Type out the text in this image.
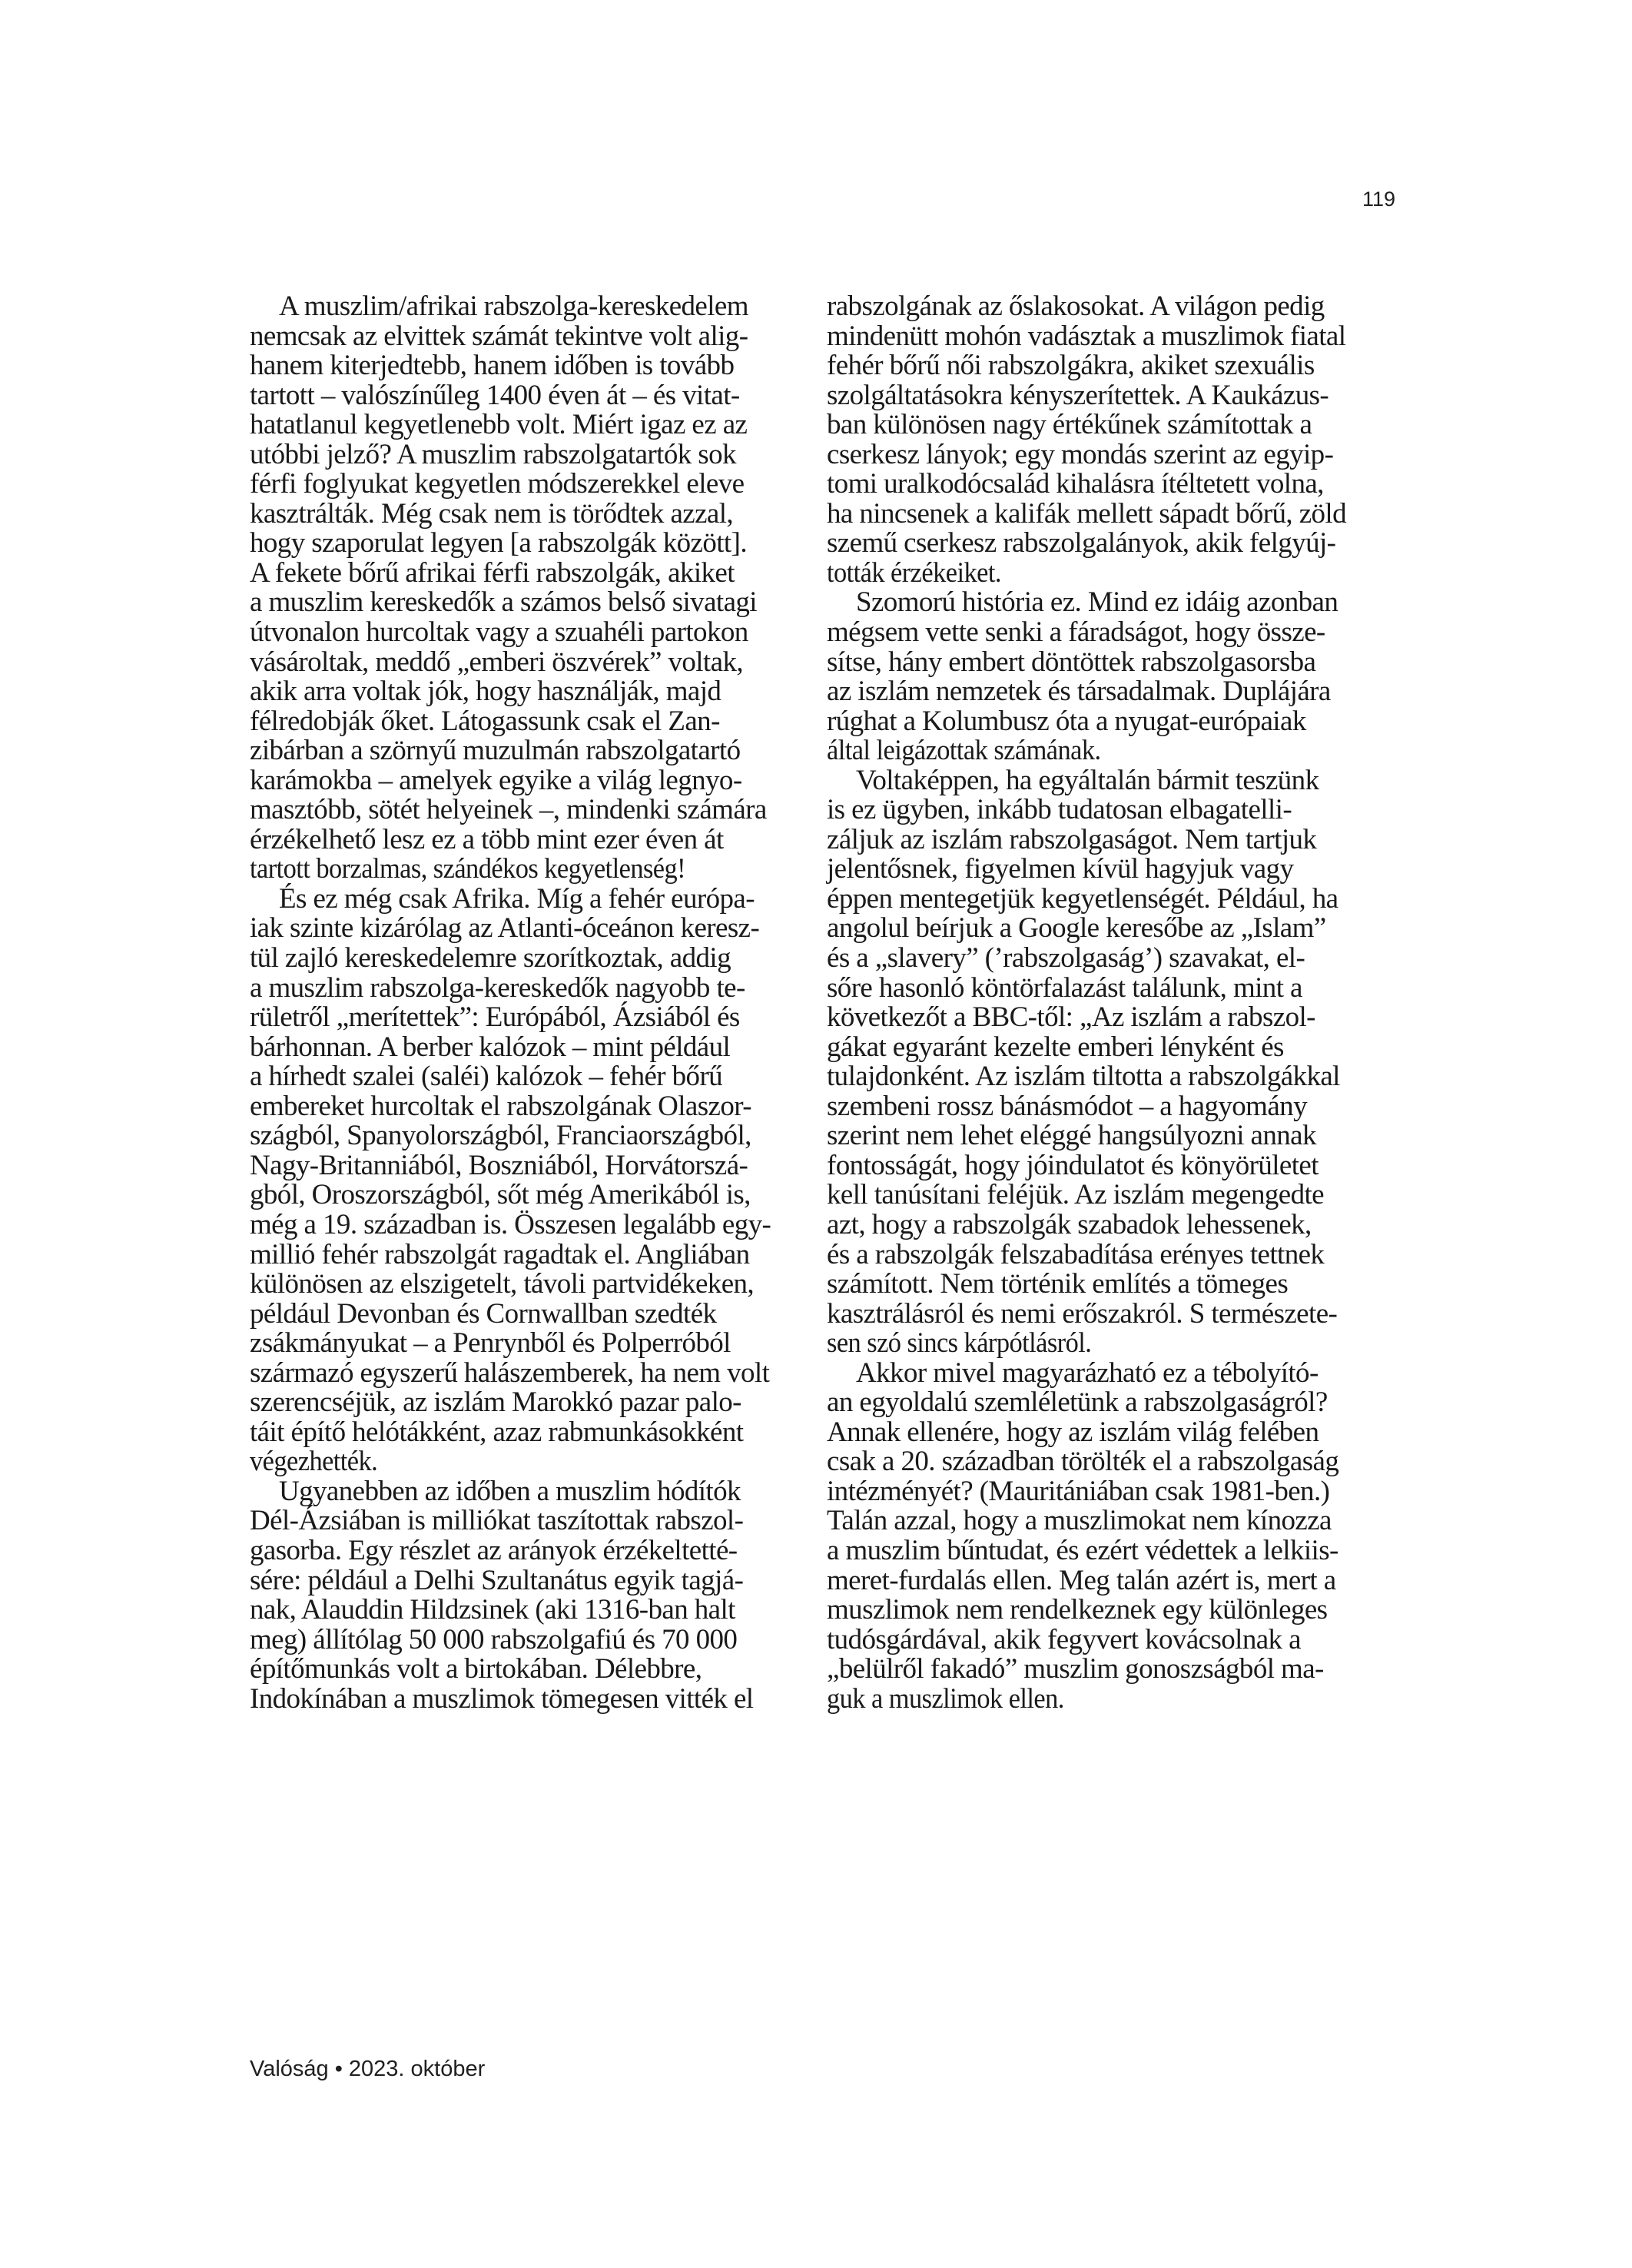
119
A muszlim/afrikai rabszolga-kereskedelem
nemcsak az elvittek számát tekintve volt alig-
hanem kiterjedtebb, hanem időben is tovább
tartott – valószínűleg 1400 éven át – és vitat-
hatatlanul kegyetlenebb volt. Miért igaz ez az
utóbbi jelző? A muszlim rabszolgatartók sok
férfi foglyukat kegyetlen módszerekkel eleve
kasztrálták. Még csak nem is törődtek azzal,
hogy szaporulat legyen [a rabszolgák között].
A fekete bőrű afrikai férfi rabszolgák, akiket
a muszlim kereskedők a számos belső sivatagi
útvonalon hurcoltak vagy a szuahéli partokon
vásároltak, meddő „emberi öszvérek” voltak,
akik arra voltak jók, hogy használják, majd
félredobják őket. Látogassunk csak el Zan-
zibárban a szörnyű muzulmán rabszolgatartó
karámokba – amelyek egyike a világ legnyo-
masztóbb, sötét helyeinek –, mindenki számára
érzékelhető lesz ez a több mint ezer éven át
tartott borzalmas, szándékos kegyetlenség!
És ez még csak Afrika. Míg a fehér európa-
iak szinte kizárólag az Atlanti-óceánon keresz-
tül zajló kereskedelemre szorítkoztak, addig
a muszlim rabszolga-kereskedők nagyobb te-
rületről „merítettek”: Európából, Ázsiából és
bárhonnan. A berber kalózok – mint például
a hírhedt szalei (saléi) kalózok – fehér bőrű
embereket hurcoltak el rabszolgának Olaszor-
szágból, Spanyolországból, Franciaországból,
Nagy-Britanniából, Boszniából, Horvátorszá-
gból, Oroszországból, sőt még Amerikából is,
még a 19. században is. Összesen legalább egy-
millió fehér rabszolgát ragadtak el. Angliában
különösen az elszigetelt, távoli partvidékeken,
például Devonban és Cornwallban szedték
zsákmányukat – a Penrynből és Polperróból
származó egyszerű halászemberek, ha nem volt
szerencséjük, az iszlám Marokkó pazar palo-
táit építő helótákként, azaz rabmunkásokként
végezhették.
Ugyanebben az időben a muszlim hódítók
Dél-Ázsiában is milliókat taszítottak rabszol-
gasorba. Egy részlet az arányok érzékeltetté-
sére: például a Delhi Szultanátus egyik tagjá-
nak, Alauddin Hildzsinek (aki 1316-ban halt
meg) állítólag 50 000 rabszolgafiú és 70 000
építőmunkás volt a birtokában. Délebbre,
Indokínában a muszlimok tömegesen vitték el
rabszolgának az őslakosokat. A világon pedig
mindenütt mohón vadásztak a muszlimok fiatal
fehér bőrű női rabszolgákra, akiket szexuális
szolgáltatásokra kényszerítettek. A Kaukázus-
ban különösen nagy értékűnek számítottak a
cserkesz lányok; egy mondás szerint az egyip-
tomi uralkodócsalád kihalásra ítéltetett volna,
ha nincsenek a kalifák mellett sápadt bőrű, zöld
szemű cserkesz rabszolgalányok, akik felgyúj-
tották érzékeiket.
Szomorú história ez. Mind ez idáig azonban
mégsem vette senki a fáradságot, hogy össze-
sítse, hány embert döntöttek rabszolgasorsba
az iszlám nemzetek és társadalmak. Duplájára
rúghat a Kolumbusz óta a nyugat-európaiak
által leigázottak számának.
Voltaképpen, ha egyáltalán bármit teszünk
is ez ügyben, inkább tudatosan elbagatelli-
záljuk az iszlám rabszolgaságot. Nem tartjuk
jelentősnek, figyelmen kívül hagyjuk vagy
éppen mentegetjük kegyetlenségét. Például, ha
angolul beírjuk a Google keresőbe az „Islam”
és a „slavery” (’rabszolgaság’) szavakat, el-
sőre hasonló köntörfalazást találunk, mint a
következőt a BBC-től: „Az iszlám a rabszol-
gákat egyaránt kezelte emberi lényként és
tulajdonként. Az iszlám tiltotta a rabszolgákkal
szembeni rossz bánásmódot – a hagyomány
szerint nem lehet eléggé hangsúlyozni annak
fontosságát, hogy jóindulatot és könyörületet
kell tanúsítani feléjük. Az iszlám megengedte
azt, hogy a rabszolgák szabadok lehessenek,
és a rabszolgák felszabadítása erényes tettnek
számított. Nem történik említés a tömeges
kasztrálásról és nemi erőszakról. S természete-
sen szó sincs kárpótlásról.
Akkor mivel magyarázható ez a tébolyító-
an egyoldalú szemléletünk a rabszolgaságról?
Annak ellenére, hogy az iszlám világ felében
csak a 20. században törölték el a rabszolgaság
intézményét? (Mauritániában csak 1981-ben.)
Talán azzal, hogy a muszlimokat nem kínozza
a muszlim bűntudat, és ezért védettek a lelkiis-
meret-furdalás ellen. Meg talán azért is, mert a
muszlimok nem rendelkeznek egy különleges
tudósgárdával, akik fegyvert kovácsolnak a
„belülről fakadó” muszlim gonoszságból ma-
guk a muszlimok ellen.
Valóság • 2023. október
